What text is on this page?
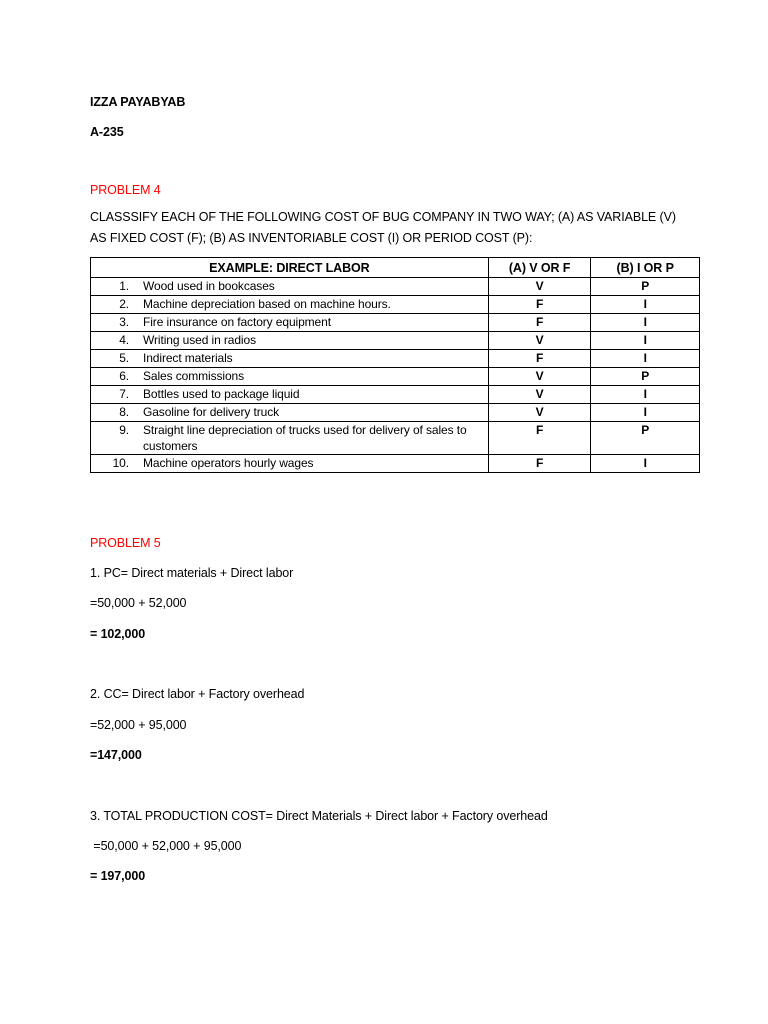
IZZA PAYABYAB
A-235
PROBLEM 4
CLASSSIFY EACH OF THE FOLLOWING COST OF BUG COMPANY IN TWO WAY; (A) AS VARIABLE (V) AS FIXED COST (F); (B) AS INVENTORIABLE COST (I) OR PERIOD COST (P):
EXAMPLE: DIRECT LABOR	(A) V OR F	(B) I OR P

1. Wood used in bookcases	V	P

2. Machine depreciation based on machine hours.	F	I

3. Fire insurance on factory equipment	F	I

4. Writing used in radios	V	I

5. Indirect materials	F	I

6. Sales commissions	V	P

7. Bottles used to package liquid	V	I

8. Gasoline for delivery truck	V	I

9. Straight line depreciation of trucks used for delivery of sales to customers	F	P

10. Machine operators hourly wages	F	I
PROBLEM 5
1. PC= Direct materials + Direct labor
=50,000 + 52,000
= 102,000
2. CC= Direct labor + Factory overhead
=52,000 + 95,000
=147,000
3. TOTAL PRODUCTION COST= Direct Materials + Direct labor + Factory overhead
=50,000 + 52,000 + 95,000
= 197,000
